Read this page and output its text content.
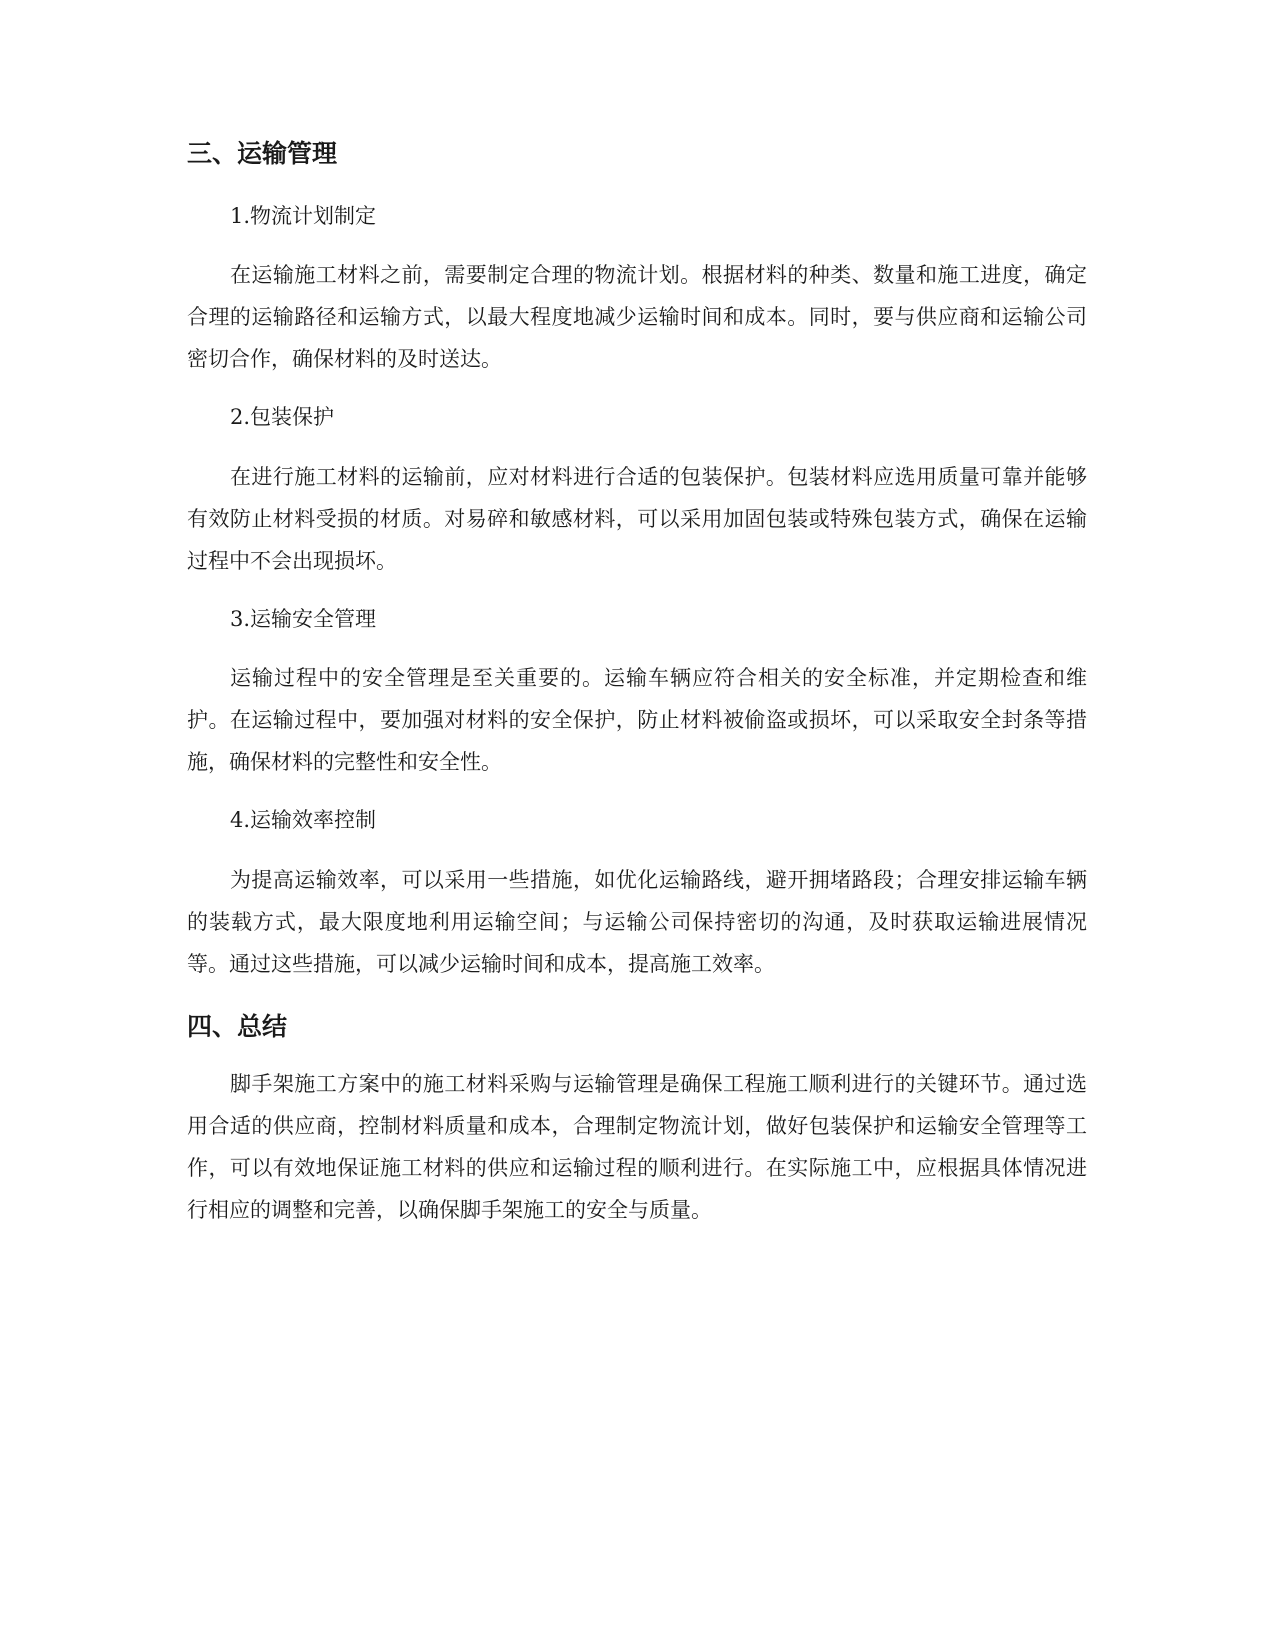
三、运输管理

1.物流计划制定

在运输施工材料之前，需要制定合理的物流计划。根据材料的种类、数量和施工进度，确定合理的运输路径和运输方式，以最大程度地减少运输时间和成本。同时，要与供应商和运输公司密切合作，确保材料的及时送达。

2.包装保护

在进行施工材料的运输前，应对材料进行合适的包装保护。包装材料应选用质量可靠并能够有效防止材料受损的材质。对易碎和敏感材料，可以采用加固包装或特殊包装方式，确保在运输过程中不会出现损坏。

3.运输安全管理

运输过程中的安全管理是至关重要的。运输车辆应符合相关的安全标准，并定期检查和维护。在运输过程中，要加强对材料的安全保护，防止材料被偷盗或损坏，可以采取安全封条等措施，确保材料的完整性和安全性。

4.运输效率控制

为提高运输效率，可以采用一些措施，如优化运输路线，避开拥堵路段；合理安排运输车辆的装载方式，最大限度地利用运输空间；与运输公司保持密切的沟通，及时获取运输进展情况等。通过这些措施，可以减少运输时间和成本，提高施工效率。

四、总结

脚手架施工方案中的施工材料采购与运输管理是确保工程施工顺利进行的关键环节。通过选用合适的供应商，控制材料质量和成本，合理制定物流计划，做好包装保护和运输安全管理等工作，可以有效地保证施工材料的供应和运输过程的顺利进行。在实际施工中，应根据具体情况进行相应的调整和完善，以确保脚手架施工的安全与质量。
